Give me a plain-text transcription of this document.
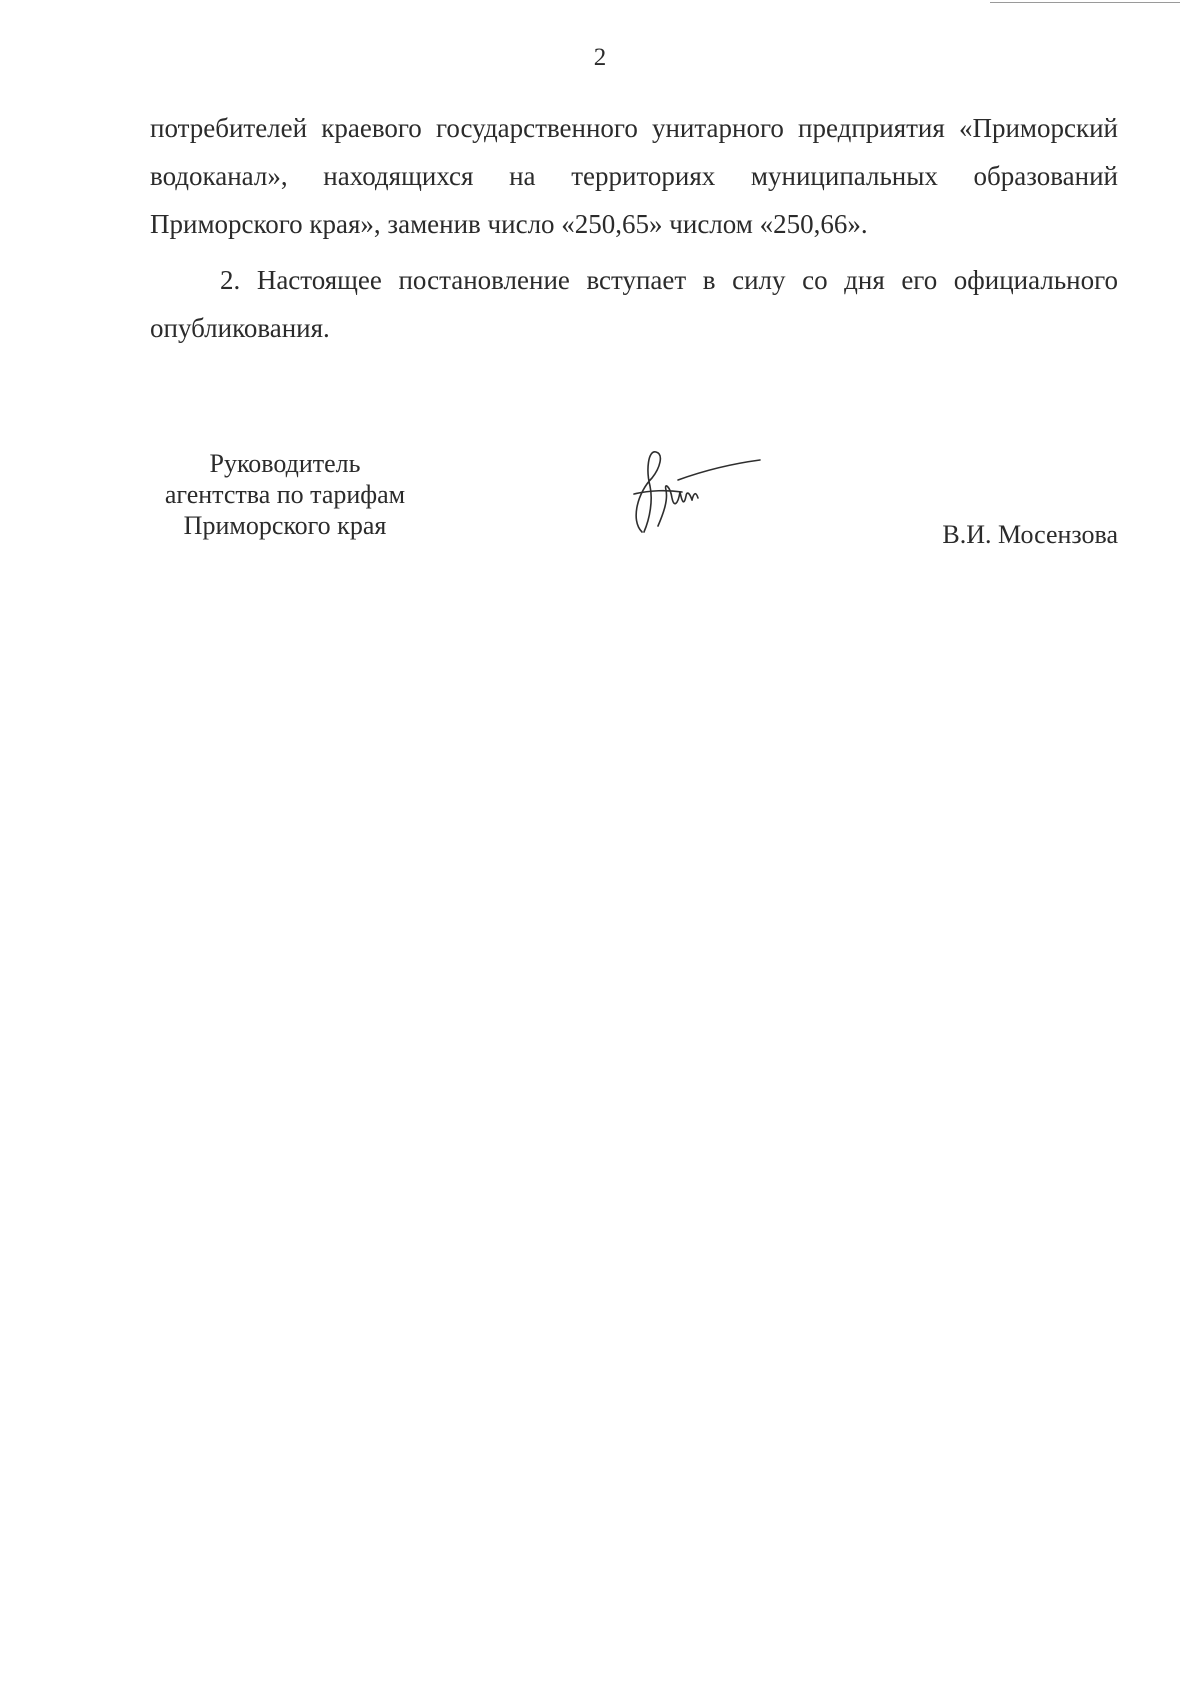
2

потребителей краевого государственного унитарного предприятия «Приморский водоканал», находящихся на территориях муниципальных образований Приморского края», заменив число «250,65» числом «250,66».

2. Настоящее постановление вступает в силу со дня его официального опубликования.

Руководитель
агентства по тарифам
Приморского края	В.И. Мосензова
